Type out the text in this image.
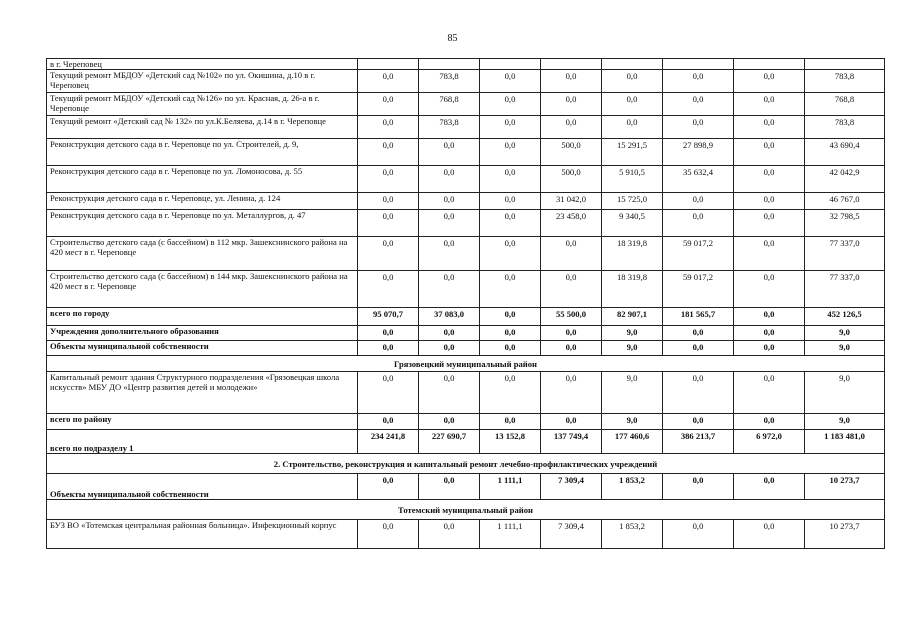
85
в г. Череповец								
Текущий ремонт МБДОУ «Детский сад №102» по ул. Окишина, д.10 в г. Череповец	0,0	783,8	0,0	0,0	0,0	0,0	0,0	783,8
Текущий ремонт МБДОУ «Детский сад №126» по ул. Красная, д. 26-а в г. Череповце	0,0	768,8	0,0	0,0	0,0	0,0	0,0	768,8
Текущий ремонт «Детский сад № 132» по ул.К.Беляева, д.14 в г. Череповце	0,0	783,8	0,0	0,0	0,0	0,0	0,0	783,8
Реконструкция детского сада в г. Череповце по ул. Строителей, д. 9,	0,0	0,0	0,0	500,0	15 291,5	27 898,9	0,0	43 690,4
Реконструкция детского сада в г. Череповце по ул. Ломоносова, д. 55	0,0	0,0	0,0	500,0	5 910,5	35 632,4	0,0	42 042,9
Реконструкция детского сада в г. Череповце, ул. Ленина, д. 124	0,0	0,0	0,0	31 042,0	15 725,0	0,0	0,0	46 767,0
Реконструкция детского сада в г. Череповце по ул. Металлургов, д. 47	0,0	0,0	0,0	23 458,0	9 340,5	0,0	0,0	32 798,5
Строительство детского сада (с бассейном) в 112 мкр. Зашекснинского района на 420 мест в г. Череповце	0,0	0,0	0,0	0,0	18 319,8	59 017,2	0,0	77 337,0
Строительство детского сада (с бассейном) в 144 мкр. Зашекснинского района на 420 мест в г. Череповце	0,0	0,0	0,0	0,0	18 319,8	59 017,2	0,0	77 337,0
всего по городу	95 070,7	37 083,0	0,0	55 500,0	82 907,1	181 565,7	0,0	452 126,5
Учреждения дополнительного образования	0,0	0,0	0,0	0,0	9,0	0,0	0,0	9,0
Объекты муниципальной собственности	0,0	0,0	0,0	0,0	9,0	0,0	0,0	9,0
Грязовецкий муниципальный район								
Капитальный ремонт здания Структурного подразделения «Грязовецкая школа искусств» МБУ ДО «Центр развития детей и молодежи»	0,0	0,0	0,0	0,0	9,0	0,0	0,0	9,0
всего по району	0,0	0,0	0,0	0,0	9,0	0,0	0,0	9,0
всего по подразделу 1	234 241,8	227 690,7	13 152,8	137 749,4	177 460,6	386 213,7	6 972,0	1 183 481,0
2. Строительство, реконструкция и капитальный ремонт лечебно-профилактических учреждений								
Объекты муниципальной собственности	0,0	0,0	1 111,1	7 309,4	1 853,2	0,0	0,0	10 273,7
Тотемский муниципальный район								
БУЗ ВО «Тотемская центральная районная больница». Инфекционный корпус	0,0	0,0	1 111,1	7 309,4	1 853,2	0,0	0,0	10 273,7
